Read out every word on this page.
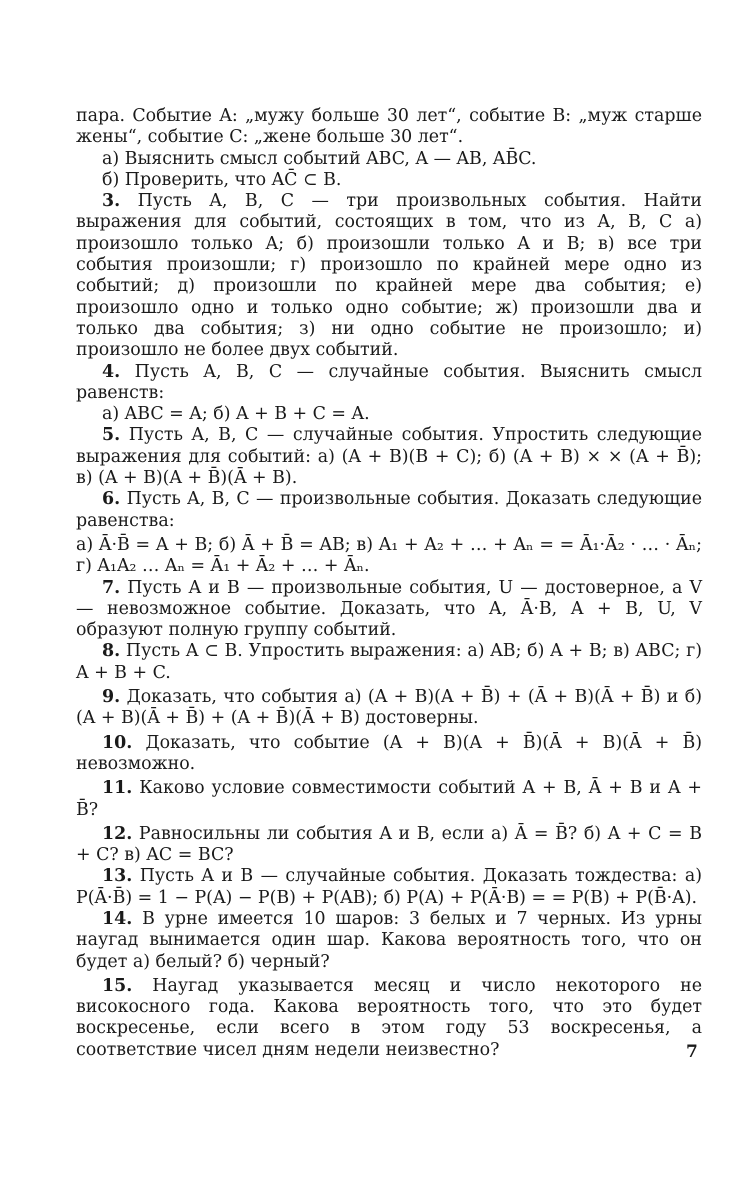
пара. Событие A: „мужу больше 30 лет“, событие B: „муж старше жены“, событие C: „жене больше 30 лет“.

а) Выяснить смысл событий ABC, A — AB, AB̄C.

б) Проверить, что AC̄ ⊂ B.

3. Пусть A, B, C — три произвольных события. Найти выражения для событий, состоящих в том, что из A, B, C а) произошло только A; б) произошли только A и B; в) все три события произошли; г) произошло по крайней мере одно из событий; д) произошли по крайней мере два события; е) произошло одно и только одно событие; ж) произошли два и только два события; з) ни одно событие не произошло; и) произошло не более двух событий.

4. Пусть A, B, C — случайные события. Выяснить смысл равенств:

а) ABC = A; б) A + B + C = A.

5. Пусть A, B, C — случайные события. Упростить следующие выражения для событий: а) (A + B)(B + C); б) (A + B) × × (A + B̄); в) (A + B)(A + B̄)(Ā + B).

6. Пусть A, B, C — произвольные события. Доказать следующие равенства:

а) Ā·B̄ = A + B; б) Ā + B̄ = AB; в) A₁ + A₂ + … + Aₙ = = Ā₁·Ā₂ · … · Āₙ; г) A₁A₂ … Aₙ = Ā₁ + Ā₂ + … + Āₙ.

7. Пусть A и B — произвольные события, U — достоверное, a V — невозможное событие. Доказать, что A, Ā·B, A + B, U, V образуют полную группу событий.

8. Пусть A ⊂ B. Упростить выражения: а) AB; б) A + B; в) ABC; г) A + B + C.

9. Доказать, что события а) (A + B)(A + B̄) + (Ā + B)(Ā + B̄) и б) (A + B)(Ā + B̄) + (A + B̄)(Ā + B) достоверны.

10. Доказать, что событие (A + B)(A + B̄)(Ā + B)(Ā + B̄) невозможно.

11. Каково условие совместимости событий A + B, Ā + B и A + B̄?

12. Равносильны ли события A и B, если а) Ā = B̄? б) A + C = B + C? в) AC = BC?

13. Пусть A и B — случайные события. Доказать тождества: а) P(Ā·B̄) = 1 − P(A) − P(B) + P(AB); б) P(A) + P(Ā·B) = = P(B) + P(B̄·A).

14. В урне имеется 10 шаров: 3 белых и 7 черных. Из урны наугад вынимается один шар. Какова вероятность того, что он будет а) белый? б) черный?

15. Наугад указывается месяц и число некоторого не високосного года. Какова вероятность того, что это будет воскресенье, если всего в этом году 53 воскресенья, а соответствие чисел дням недели неизвестно?	7
